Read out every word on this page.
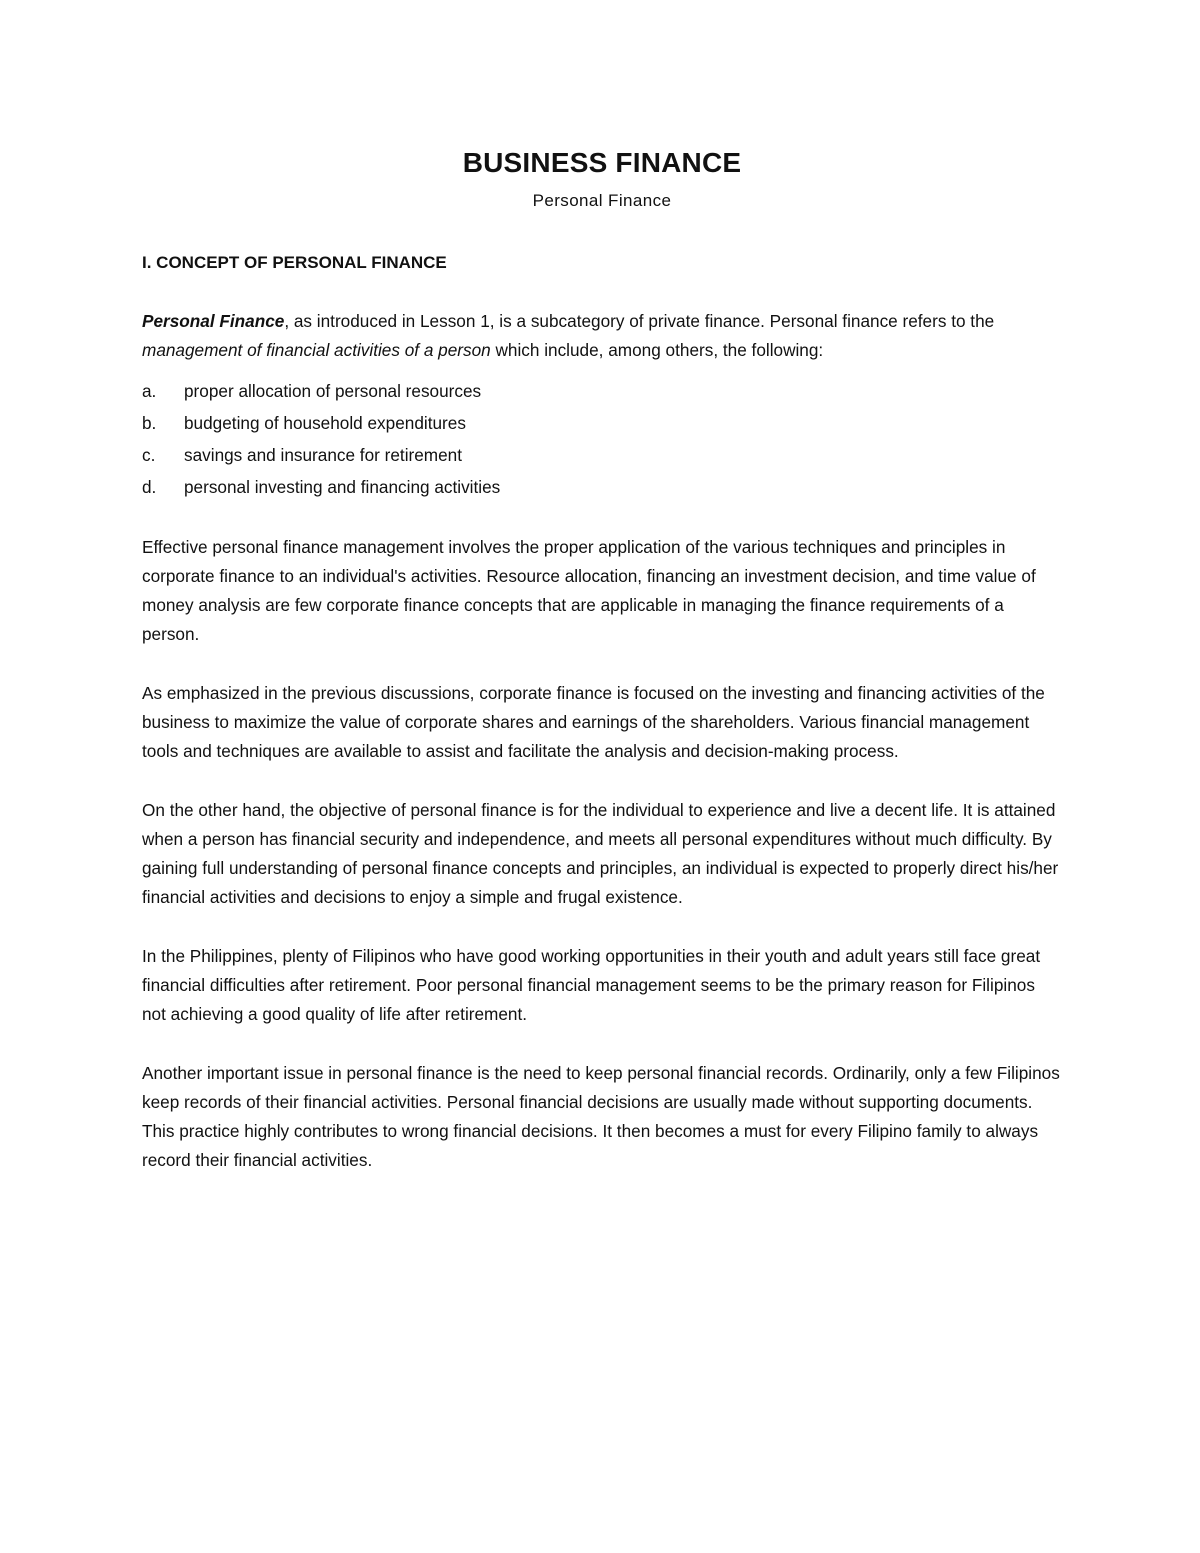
BUSINESS FINANCE
Personal Finance
I. CONCEPT OF PERSONAL FINANCE

Personal Finance, as introduced in Lesson 1, is a subcategory of private finance. Personal finance refers to the management of financial activities of a person which include, among others, the following:

a.	proper allocation of personal resources
b.	budgeting of household expenditures
c.	savings and insurance for retirement
d.	personal investing and financing activities

Effective personal finance management involves the proper application of the various techniques and principles in corporate finance to an individual's activities. Resource allocation, financing an investment decision, and time value of money analysis are few corporate finance concepts that are applicable in managing the finance requirements of a person.

As emphasized in the previous discussions, corporate finance is focused on the investing and financing activities of the business to maximize the value of corporate shares and earnings of the shareholders. Various financial management tools and techniques are available to assist and facilitate the analysis and decision-making process.

On the other hand, the objective of personal finance is for the individual to experience and live a decent life. It is attained when a person has financial security and independence, and meets all personal expenditures without much difficulty. By gaining full understanding of personal finance concepts and principles, an individual is expected to properly direct his/her financial activities and decisions to enjoy a simple and frugal existence.

In the Philippines, plenty of Filipinos who have good working opportunities in their youth and adult years still face great financial difficulties after retirement. Poor personal financial management seems to be the primary reason for Filipinos not achieving a good quality of life after retirement.

Another important issue in personal finance is the need to keep personal financial records. Ordinarily, only a few Filipinos keep records of their financial activities. Personal financial decisions are usually made without supporting documents. This practice highly contributes to wrong financial decisions. It then becomes a must for every Filipino family to always record their financial activities.
